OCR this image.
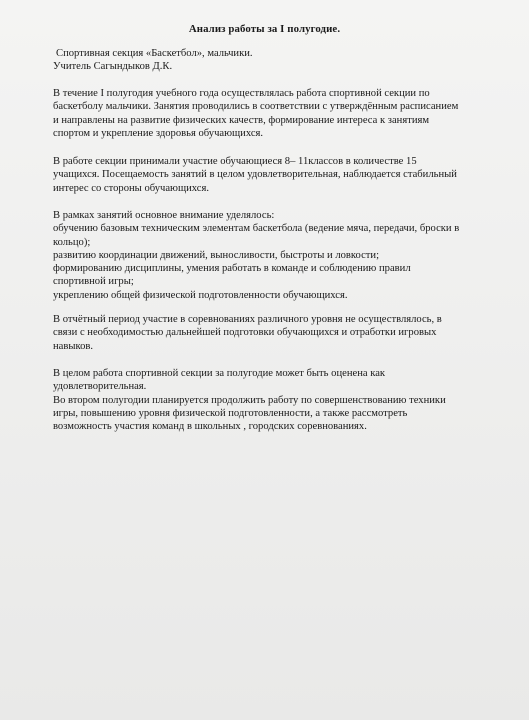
Анализ работы за I полугодие.
Спортивная секция «Баскетбол», мальчики.
Учитель Сагындыков Д.К.
В течение I полугодия учебного года осуществлялась работа спортивной секции по
баскетболу мальчики. Занятия проводились в соответствии с утверждённым расписанием
и направлены на развитие физических качеств, формирование интереса к занятиям
спортом и укрепление здоровья обучающихся.
В работе секции принимали участие обучающиеся 8– 11классов в количестве 15
учащихся. Посещаемость занятий в целом удовлетворительная, наблюдается стабильный
интерес со стороны обучающихся.
В рамках занятий основное внимание уделялось:
обучению базовым техническим элементам баскетбола (ведение мяча, передачи, броски в
кольцо);
развитию координации движений, выносливости, быстроты и ловкости;
формированию дисциплины, умения работать в команде и соблюдению правил
спортивной игры;
укреплению общей физической подготовленности обучающихся.
В отчётный период участие в соревнованиях различного уровня не осуществлялось, в
связи с необходимостью дальнейшей подготовки обучающихся и отработки игровых
навыков.
В целом работа спортивной секции за полугодие может быть оценена как
удовлетворительная.
Во втором полугодии планируется продолжить работу по совершенствованию техники
игры, повышению уровня физической подготовленности, а также рассмотреть
возможность участия команд в школьных , городских соревнованиях.
